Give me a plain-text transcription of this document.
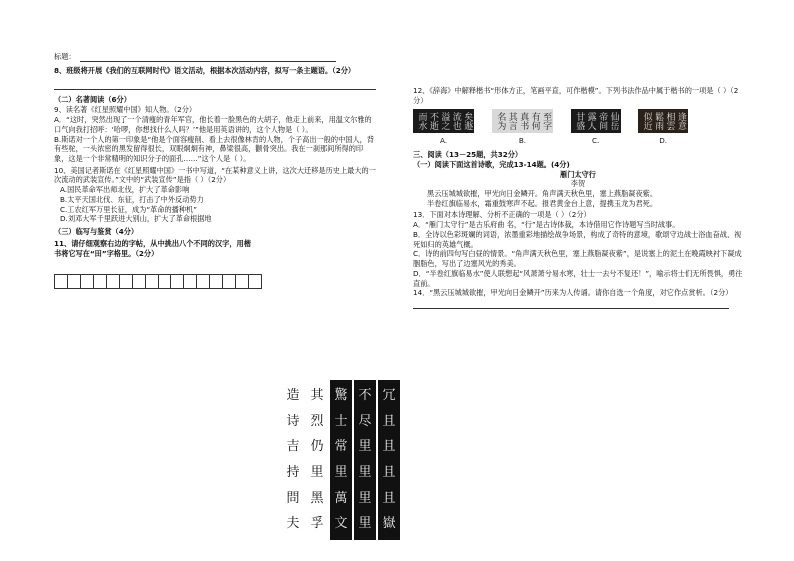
标题：

8、班级将开展《我们的互联网时代》语文活动，根据本次活动内容，拟写一条主题语。（2分）

（二）名著阅读（6分）

9、读名著《红星照耀中国》知人物。（2分）

A．“这时，突然出现了一个清瘦的青年军官，他长着一脸黑色的大胡子，他走上前来，用温文尔雅的口气向我打招呼：‘哈啰，你想找什么人吗？’”他是用英语讲的，这个人物是（ ）。

B.斯诺对一个人的第一印象是“他是个面容瘦削、看上去很像林肯的人物，个子高出一般的中国人，背有些驼，一头浓密的黑发留得很长，双眼炯炯有神，鼻梁很高，颧骨突出。我在一刹那间所得的印象，这是一个非常精明的知识分子的面孔……”这个人是（ ）。

10、美国记者斯诺在《红星照耀中国》一书中写道，“在某种意义上讲，这次大迁移是历史上最大的一次流动的武装宣传。”文中的“武装宣传”是指（ ）（2分）

A.国民革命军出师北伐，扩大了革命影响

B.太平天国北伐、东征，打击了中外反动势力

C.工农红军万里长征，成为“革命的播种机”

D.刘邓大军千里跃进大别山，扩大了革命根据地

（三）临写与鉴赏（4分）

11、请仔细观察右边的字帖，从中挑出八个不同的汉字，用楷书将它写在“田”字格里。（2分）

造
诗
吉
持
問
夫
其
烈
仍
里
黑
孚
驚
士
常
里
萬
文
不
尽
里
里
里
里
冗
且
且
且
且
嶽

12、《辞海》中解释楷书“形体方正，笔画平直，可作楷模”。下列书法作品中属于楷书的一项是（ ）（2分）

而水 不逝 溢之 流也 矣遯
A.
名为 其言 真书 有何 至字
B.
甘盛 露人 帝间 仙岳
C.
似近 鬆雨 相雲 逢意
D.

三、阅读（13－25题，共32分）

（一）阅读下面这首诗歌，完成13-14题。(4分)

雁门太守行

李贺

黑云压城城欲摧，甲光向日金鳞开。角声满天秋色里，塞上燕脂凝夜紫。

半卷红旗临易水，霜重鼓寒声不起。报君黄金台上意，提携玉龙为君死。

13．下面对本诗理解、分析不正确的一项是（ ）（2分）

A．“雁门太守行”是古乐府曲 名，“行”是古诗体裁，本诗借用它作诗题写当时战事。

B．全诗以色彩斑斓的词语，浓墨重彩地描绘战争场景，构成了奇特的意境，歌颂守边战士浴血奋战、视死如归的英雄气概。

C．诗的前四句写白昼的情景。“角声满天秋色里，塞上燕脂凝夜紫”，是说塞上的泥土在晚霞映衬下凝成胭脂色，写出了边塞风光的秀美。

D．“半卷红旗临易水”使人联想起“风萧萧兮易水寒，壮士一去兮不复还！”，喻示将士们无所畏惧，勇往直前。

14．“黑云压城城欲摧，甲光向日金鳞开”历来为人传诵。请你自选一个角度，对它作点赏析。（2分）
